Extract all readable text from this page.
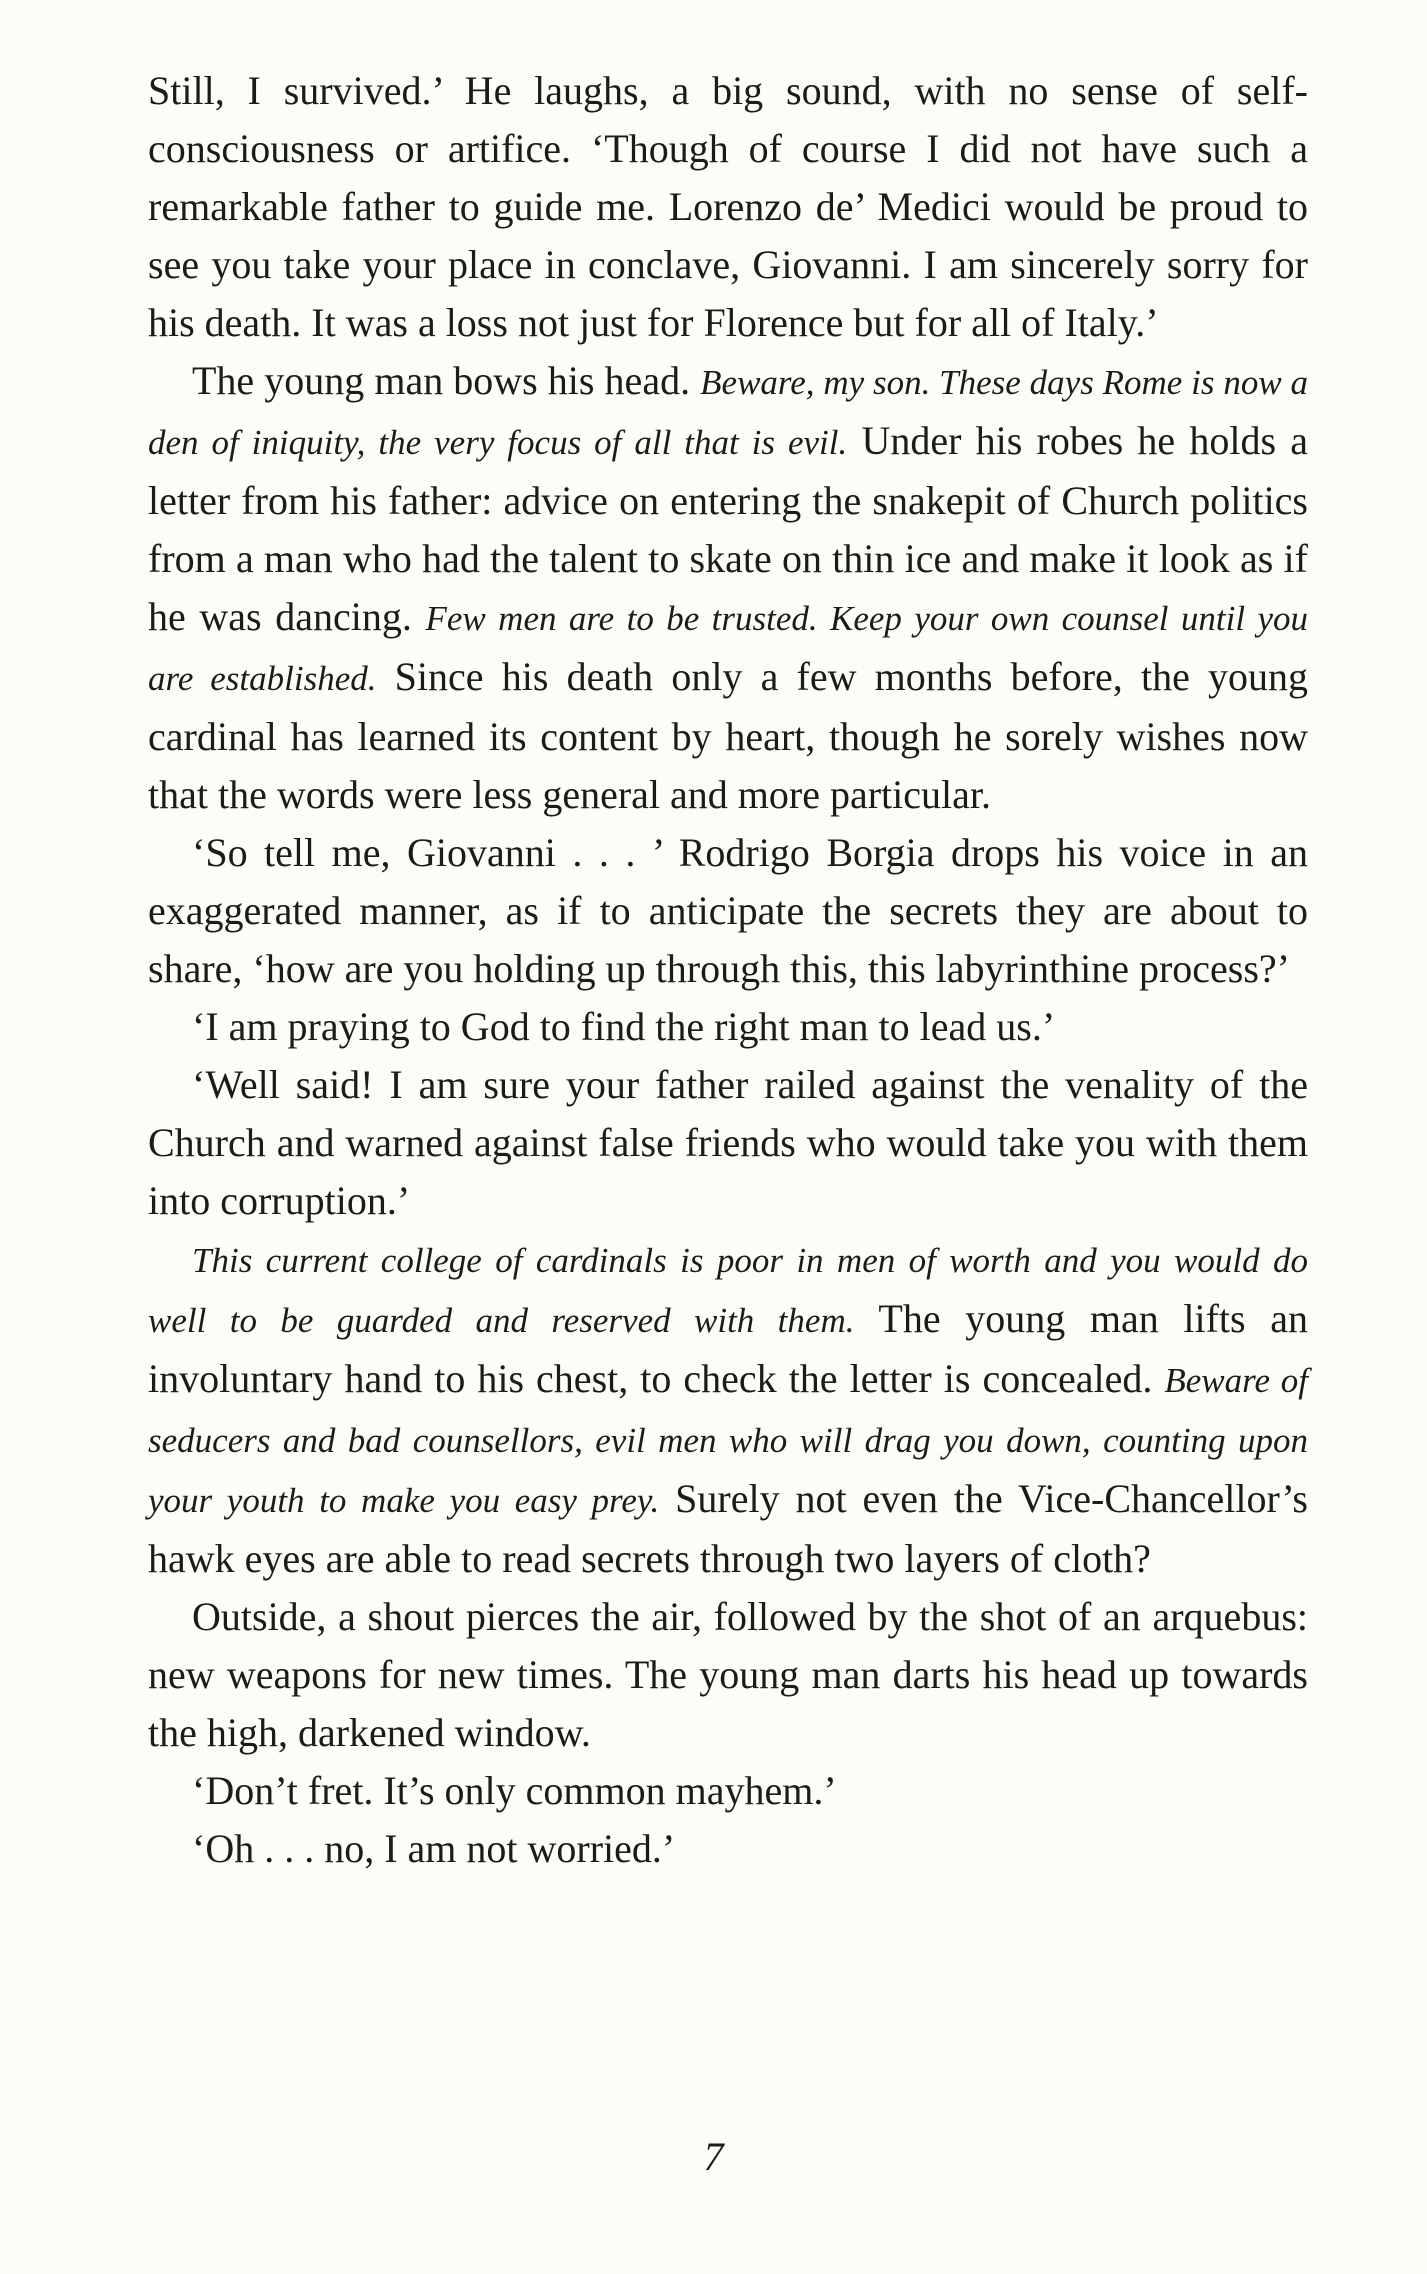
Still, I survived.’ He laughs, a big sound, with no sense of self-consciousness or artifice. ‘Though of course I did not have such a remarkable father to guide me. Lorenzo de’ Medici would be proud to see you take your place in conclave, Giovanni. I am sincerely sorry for his death. It was a loss not just for Florence but for all of Italy.’

The young man bows his head. Beware, my son. These days Rome is now a den of iniquity, the very focus of all that is evil. Under his robes he holds a letter from his father: advice on entering the snakepit of Church politics from a man who had the talent to skate on thin ice and make it look as if he was dancing. Few men are to be trusted. Keep your own counsel until you are established. Since his death only a few months before, the young cardinal has learned its content by heart, though he sorely wishes now that the words were less general and more particular.

‘So tell me, Giovanni . . . ’ Rodrigo Borgia drops his voice in an exaggerated manner, as if to anticipate the secrets they are about to share, ‘how are you holding up through this, this labyrinthine process?’

‘I am praying to God to find the right man to lead us.’

‘Well said! I am sure your father railed against the venality of the Church and warned against false friends who would take you with them into corruption.’

This current college of cardinals is poor in men of worth and you would do well to be guarded and reserved with them. The young man lifts an involuntary hand to his chest, to check the letter is concealed. Beware of seducers and bad counsellors, evil men who will drag you down, counting upon your youth to make you easy prey. Surely not even the Vice-Chancellor’s hawk eyes are able to read secrets through two layers of cloth?

Outside, a shout pierces the air, followed by the shot of an arquebus: new weapons for new times. The young man darts his head up towards the high, darkened window.

‘Don’t fret. It’s only common mayhem.’

‘Oh . . . no, I am not worried.’

7
